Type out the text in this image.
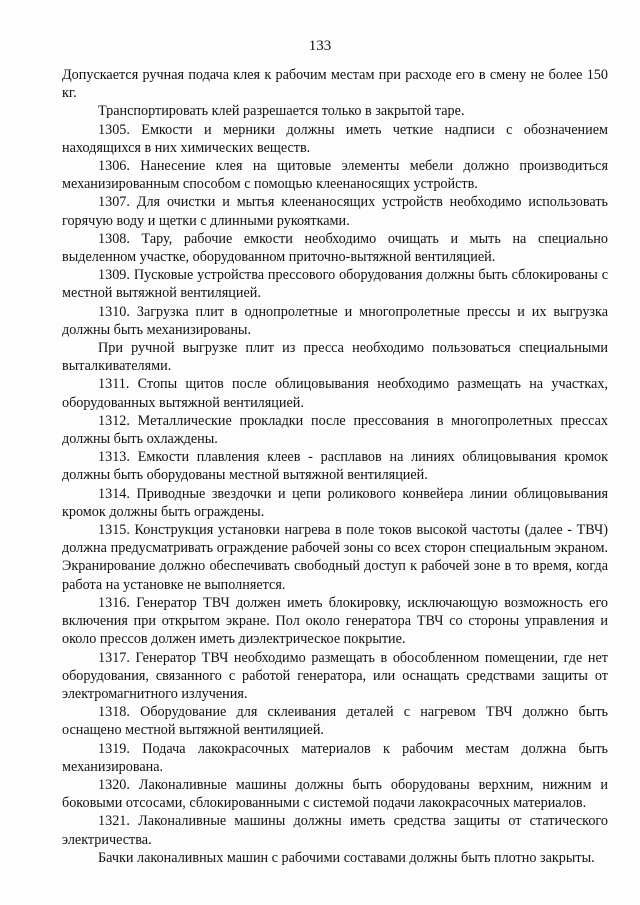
133

Допускается ручная подача клея к рабочим местам при расходе его в смену не более 150 кг.

Транспортировать клей разрешается только в закрытой таре.

1305. Емкости и мерники должны иметь четкие надписи с обозначением находящихся в них химических веществ.

1306. Нанесение клея на щитовые элементы мебели должно производиться механизированным способом с помощью клеенаносящих устройств.

1307. Для очистки и мытья клеенаносящих устройств необходимо использовать горячую воду и щетки с длинными рукоятками.

1308. Тару, рабочие емкости необходимо очищать и мыть на специально выделенном участке, оборудованном приточно-вытяжной вентиляцией.

1309. Пусковые устройства прессового оборудования должны быть сблокированы с местной вытяжной вентиляцией.

1310. Загрузка плит в однопролетные и многопролетные прессы и их выгрузка должны быть механизированы.

При ручной выгрузке плит из пресса необходимо пользоваться специальными выталкивателями.

1311. Стопы щитов после облицовывания необходимо размещать на участках, оборудованных вытяжной вентиляцией.

1312. Металлические прокладки после прессования в многопролетных прессах должны быть охлаждены.

1313. Емкости плавления клеев - расплавов на линиях облицовывания кромок должны быть оборудованы местной вытяжной вентиляцией.

1314. Приводные звездочки и цепи роликового конвейера линии облицовывания кромок должны быть ограждены.

1315. Конструкция установки нагрева в поле токов высокой частоты (далее - ТВЧ) должна предусматривать ограждение рабочей зоны со всех сторон специальным экраном. Экранирование должно обеспечивать свободный доступ к рабочей зоне в то время, когда работа на установке не выполняется.

1316. Генератор ТВЧ должен иметь блокировку, исключающую возможность его включения при открытом экране. Пол около генератора ТВЧ со стороны управления и около прессов должен иметь диэлектрическое покрытие.

1317. Генератор ТВЧ необходимо размещать в обособленном помещении, где нет оборудования, связанного с работой генератора, или оснащать средствами защиты от электромагнитного излучения.

1318. Оборудование для склеивания деталей с нагревом ТВЧ должно быть оснащено местной вытяжной вентиляцией.

1319. Подача лакокрасочных материалов к рабочим местам должна быть механизирована.

1320. Лаконаливные машины должны быть оборудованы верхним, нижним и боковыми отсосами, сблокированными с системой подачи лакокрасочных материалов.

1321. Лаконаливные машины должны иметь средства защиты от статического электричества.

Бачки лаконаливных машин с рабочими составами должны быть плотно закрыты.
